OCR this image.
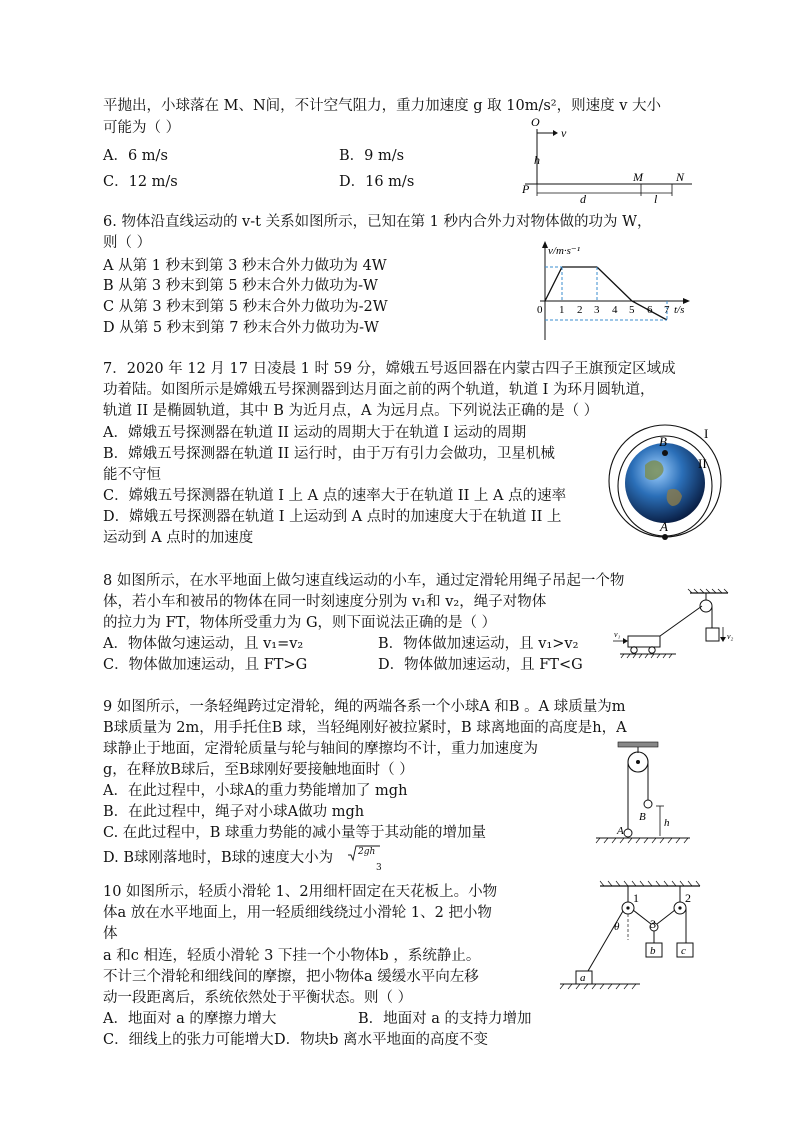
平抛出，小球落在 M、N间，不计空气阻力，重力加速度 g 取 10m/s²，则速度 v 大小
可能为（ ）
A．6 m/s	B．9 m/s
C．12 m/s	D．16 m/s
O
v
h
P
d
M
l
N
6. 物体沿直线运动的 v-t 关系如图所示，已知在第 1 秒内合外力对物体做的功为 W，
则（ ）
A 从第 1 秒末到第 3 秒末合外力做功为 4W
B 从第 3 秒末到第 5 秒末合外力做功为-W
C 从第 3 秒末到第 5 秒末合外力做功为-2W
D 从第 5 秒末到第 7 秒末合外力做功为-W
v/m·s⁻¹
t/s
0 1 2 3 4 5 6 7
7．2020 年 12 月 17 日凌晨 1 时 59 分，嫦娥五号返回器在内蒙古四子王旗预定区域成
功着陆。如图所示是嫦娥五号探测器到达月面之前的两个轨道，轨道 I 为环月圆轨道，
轨道 II 是椭圆轨道，其中 B 为近月点，A 为远月点。下列说法正确的是（ ）
A．嫦娥五号探测器在轨道 II 运动的周期大于在轨道 I 运动的周期
B．嫦娥五号探测器在轨道 II 运行时，由于万有引力会做功，卫星机械
能不守恒
C．嫦娥五号探测器在轨道 I 上 A 点的速率大于在轨道 II 上 A 点的速率
D．嫦娥五号探测器在轨道 I 上运动到 A 点时的加速度大于在轨道 II 上
运动到 A 点时的加速度
B
A
I
II
8 如图所示，在水平地面上做匀速直线运动的小车，通过定滑轮用绳子吊起一个物
体，若小车和被吊的物体在同一时刻速度分别为 v₁和 v₂，绳子对物体
的拉力为 FT，物体所受重力为 G，则下面说法正确的是（ ）
A．物体做匀速运动，且 v₁=v₂	B．物体做加速运动，且 v₁>v₂
C．物体做加速运动，且 FT>G	D．物体做加速运动，且 FT<G
v₁	v₂
9 如图所示，一条轻绳跨过定滑轮，绳的两端各系一个小球A 和B 。A 球质量为m
B球质量为 2m，用手托住B 球，当轻绳刚好被拉紧时，B 球离地面的高度是h，A
球静止于地面，定滑轮质量与轮与轴间的摩擦均不计，重力加速度为
g，在释放B球后，至B球刚好要接触地面时（ ）
A．在此过程中，小球A的重力势能增加了 mgh
B．在此过程中，绳子对小球A做功 mgh
C. 在此过程中，B 球重力势能的减小量等于其动能的增加量
D. B球刚落地时，B球的速度大小为	2gh
3
A
B h
10 如图所示，轻质小滑轮 1、2用细杆固定在天花板上。小物
体a 放在水平地面上，用一轻质细线绕过小滑轮 1、2 把小物
体
a 和c 相连，轻质小滑轮 3 下挂一个小物体b ，系统静止。
不计三个滑轮和细线间的摩擦，把小物体a 缓缓水平向左移
动一段距离后，系统依然处于平衡状态。则（ ）
A．地面对 a 的摩擦力增大	B．地面对 a 的支持力增加
C．细线上的张力可能增大 D．物块b 离水平地面的高度不变
1	2
3
θ
a
b c
